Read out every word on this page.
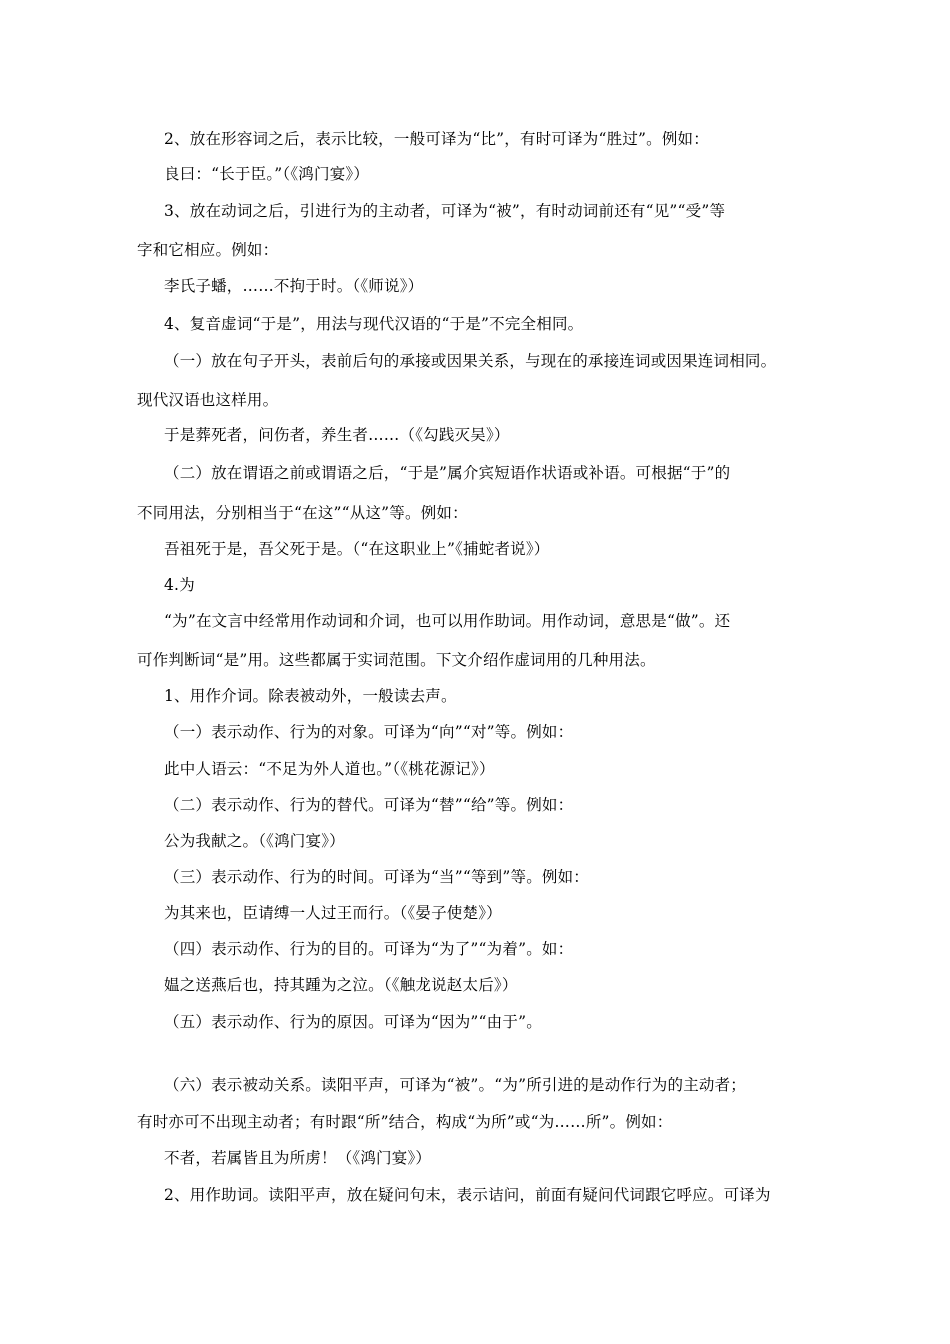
2、放在形容词之后，表示比较，一般可译为“比”，有时可译为“胜过”。例如：
良曰：“长于臣。”（《鸿门宴》）
3、放在动词之后，引进行为的主动者，可译为“被”，有时动词前还有“见”“受”等
字和它相应。例如：
李氏子蟠，……不拘于时。（《师说》）
4、复音虚词“于是”，用法与现代汉语的“于是”不完全相同。
（一）放在句子开头，表前后句的承接或因果关系，与现在的承接连词或因果连词相同。
现代汉语也这样用。
于是葬死者，问伤者，养生者……（《勾践灭吴》）
（二）放在谓语之前或谓语之后，“于是”属介宾短语作状语或补语。可根据“于”的
不同用法，分别相当于“在这”“从这”等。例如：
吾祖死于是，吾父死于是。（“在这职业上”《捕蛇者说》）
4.为
“为”在文言中经常用作动词和介词，也可以用作助词。用作动词，意思是“做”。还
可作判断词“是”用。这些都属于实词范围。下文介绍作虚词用的几种用法。
1、用作介词。除表被动外，一般读去声。
（一）表示动作、行为的对象。可译为“向”“对”等。例如：
此中人语云：“不足为外人道也。”（《桃花源记》）
（二）表示动作、行为的替代。可译为“替”“给”等。例如：
公为我献之。（《鸿门宴》）
（三）表示动作、行为的时间。可译为“当”“等到”等。例如：
为其来也，臣请缚一人过王而行。（《晏子使楚》）
（四）表示动作、行为的目的。可译为“为了”“为着”。如：
媪之送燕后也，持其踵为之泣。（《触龙说赵太后》）
（五）表示动作、行为的原因。可译为“因为”“由于”。
（六）表示被动关系。读阳平声，可译为“被”。“为”所引进的是动作行为的主动者；
有时亦可不出现主动者；有时跟“所”结合，构成“为所”或“为……所”。例如：
不者，若属皆且为所虏！（《鸿门宴》）
2、用作助词。读阳平声，放在疑问句末，表示诘问，前面有疑问代词跟它呼应。可译为
